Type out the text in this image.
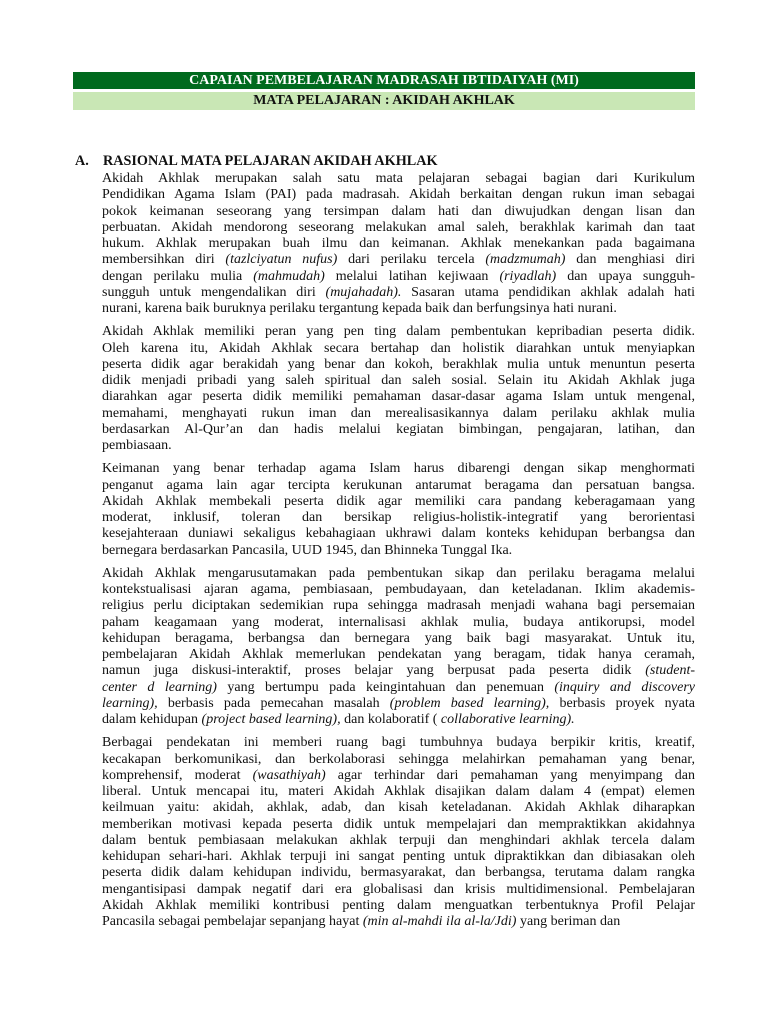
CAPAIAN PEMBELAJARAN MADRASAH IBTIDAIYAH (MI)
MATA PELAJARAN : AKIDAH AKHLAK
A. RASIONAL MATA PELAJARAN AKIDAH AKHLAK
Akidah Akhlak merupakan salah satu mata pelajaran sebagai bagian dari Kurikulum
Pendidikan Agama Islam (PAI) pada madrasah. Akidah berkaitan dengan rukun iman sebagai
pokok keimanan seseorang yang tersimpan dalam hati dan diwujudkan dengan lisan dan
perbuatan. Akidah mendorong seseorang melakukan amal saleh, berakhlak karimah dan taat
hukum. Akhlak merupakan buah ilmu dan keimanan. Akhlak menekankan pada bagaimana
membersihkan diri (tazlciyatun nufus) dari perilaku tercela (madzmumah) dan menghiasi diri
dengan perilaku mulia (mahmudah) melalui latihan kejiwaan (riyadlah) dan upaya sungguh-
sungguh untuk mengendalikan diri (mujahadah). Sasaran utama pendidikan akhlak adalah hati
nurani, karena baik buruknya perilaku tergantung kepada baik dan berfungsinya hati nurani.
Akidah Akhlak memiliki peran yang pen ting dalam pembentukan kepribadian peserta didik.
Oleh karena itu, Akidah Akhlak secara bertahap dan holistik diarahkan untuk menyiapkan
peserta didik agar berakidah yang benar dan kokoh, berakhlak mulia untuk menuntun peserta
didik menjadi pribadi yang saleh spiritual dan saleh sosial. Selain itu Akidah Akhlak juga
diarahkan agar peserta didik memiliki pemahaman dasar-dasar agama Islam untuk mengenal,
memahami, menghayati rukun iman dan merealisasikannya dalam perilaku akhlak mulia
berdasarkan Al-Qur’an dan hadis melalui kegiatan bimbingan, pengajaran, latihan, dan
pembiasaan.
Keimanan yang benar terhadap agama Islam harus dibarengi dengan sikap menghormati
penganut agama lain agar tercipta kerukunan antarumat beragama dan persatuan bangsa.
Akidah Akhlak membekali peserta didik agar memiliki cara pandang keberagamaan yang
moderat, inklusif, toleran dan bersikap religius-holistik-integratif yang berorientasi
kesejahteraan duniawi sekaligus kebahagiaan ukhrawi dalam konteks kehidupan berbangsa dan
bernegara berdasarkan Pancasila, UUD 1945, dan Bhinneka Tunggal Ika.
Akidah Akhlak mengarusutamakan pada pembentukan sikap dan perilaku beragama melalui
kontekstualisasi ajaran agama, pembiasaan, pembudayaan, dan keteladanan. Iklim akademis-
religius perlu diciptakan sedemikian rupa sehingga madrasah menjadi wahana bagi persemaian
paham keagamaan yang moderat, internalisasi akhlak mulia, budaya antikorupsi, model
kehidupan beragama, berbangsa dan bernegara yang baik bagi masyarakat. Untuk itu,
pembelajaran Akidah Akhlak memerlukan pendekatan yang beragam, tidak hanya ceramah,
namun juga diskusi-interaktif, proses belajar yang berpusat pada peserta didik (student-
center d learning) yang bertumpu pada keingintahuan dan penemuan (inquiry and discovery
learning), berbasis pada pemecahan masalah (problem based learning), berbasis proyek nyata
dalam kehidupan (project based learning), dan kolaboratif ( collaborative learning).
Berbagai pendekatan ini memberi ruang bagi tumbuhnya budaya berpikir kritis, kreatif,
kecakapan berkomunikasi, dan berkolaborasi sehingga melahirkan pemahaman yang benar,
komprehensif, moderat (wasathiyah) agar terhindar dari pemahaman yang menyimpang dan
liberal. Untuk mencapai itu, materi Akidah Akhlak disajikan dalam dalam 4 (empat) elemen
keilmuan yaitu: akidah, akhlak, adab, dan kisah keteladanan. Akidah Akhlak diharapkan
memberikan motivasi kepada peserta didik untuk mempelajari dan mempraktikkan akidahnya
dalam bentuk pembiasaan melakukan akhlak terpuji dan menghindari akhlak tercela dalam
kehidupan sehari-hari. Akhlak terpuji ini sangat penting untuk dipraktikkan dan dibiasakan oleh
peserta didik dalam kehidupan individu, bermasyarakat, dan berbangsa, terutama dalam rangka
mengantisipasi dampak negatif dari era globalisasi dan krisis multidimensional. Pembelajaran
Akidah Akhlak memiliki kontribusi penting dalam menguatkan terbentuknya Profil Pelajar
Pancasila sebagai pembelajar sepanjang hayat (min al-mahdi ila al-la/Jdi) yang beriman dan
